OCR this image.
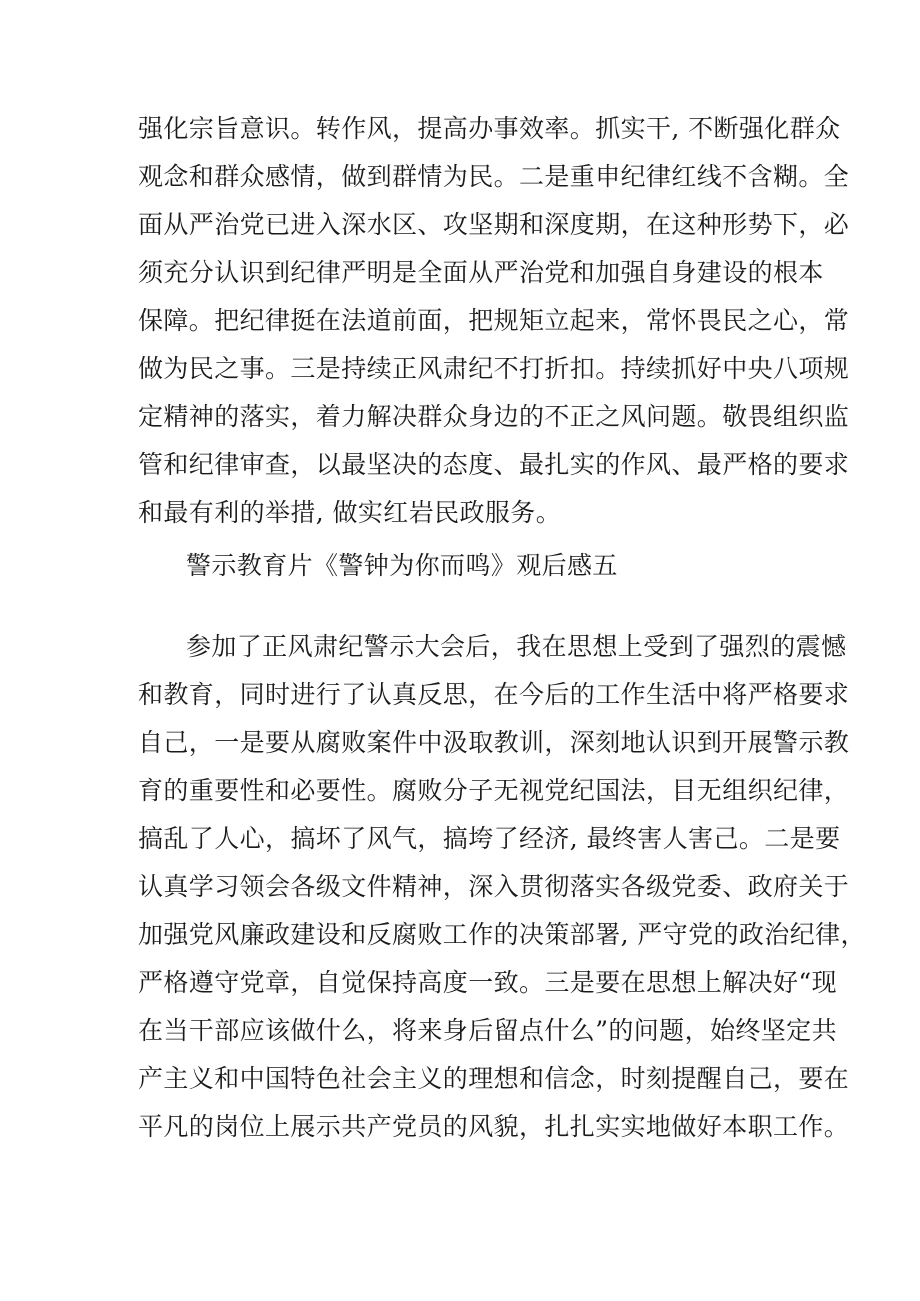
强化宗旨意识。转作风，提高办事效率。抓实干, 不断强化群众
观念和群众感情，做到群情为民。二是重申纪律红线不含糊。全
面从严治党已进入深水区、攻坚期和深度期，在这种形势下，必
须充分认识到纪律严明是全面从严治党和加强自身建设的根本
保障。把纪律挺在法道前面，把规矩立起来，常怀畏民之心，常
做为民之事。三是持续正风肃纪不打折扣。持续抓好中央八项规
定精神的落实，着力解决群众身边的不正之风问题。敬畏组织监
管和纪律审查，以最坚决的态度、最扎实的作风、最严格的要求
和最有利的举措, 做实红岩民政服务。
警示教育片《警钟为你而鸣》观后感五
参加了正风肃纪警示大会后，我在思想上受到了强烈的震憾
和教育，同时进行了认真反思，在今后的工作生活中将严格要求
自己，一是要从腐败案件中汲取教训，深刻地认识到开展警示教
育的重要性和必要性。腐败分子无视党纪国法，目无组织纪律，
搞乱了人心，搞坏了风气，搞垮了经济, 最终害人害己。二是要
认真学习领会各级文件精神，深入贯彻落实各级党委、政府关于
加强党风廉政建设和反腐败工作的决策部署, 严守党的政治纪律，
严格遵守党章，自觉保持高度一致。三是要在思想上解决好“现
在当干部应该做什么，将来身后留点什么”的问题，始终坚定共
产主义和中国特色社会主义的理想和信念，时刻提醒自己，要在
平凡的岗位上展示共产党员的风貌，扎扎实实地做好本职工作。
